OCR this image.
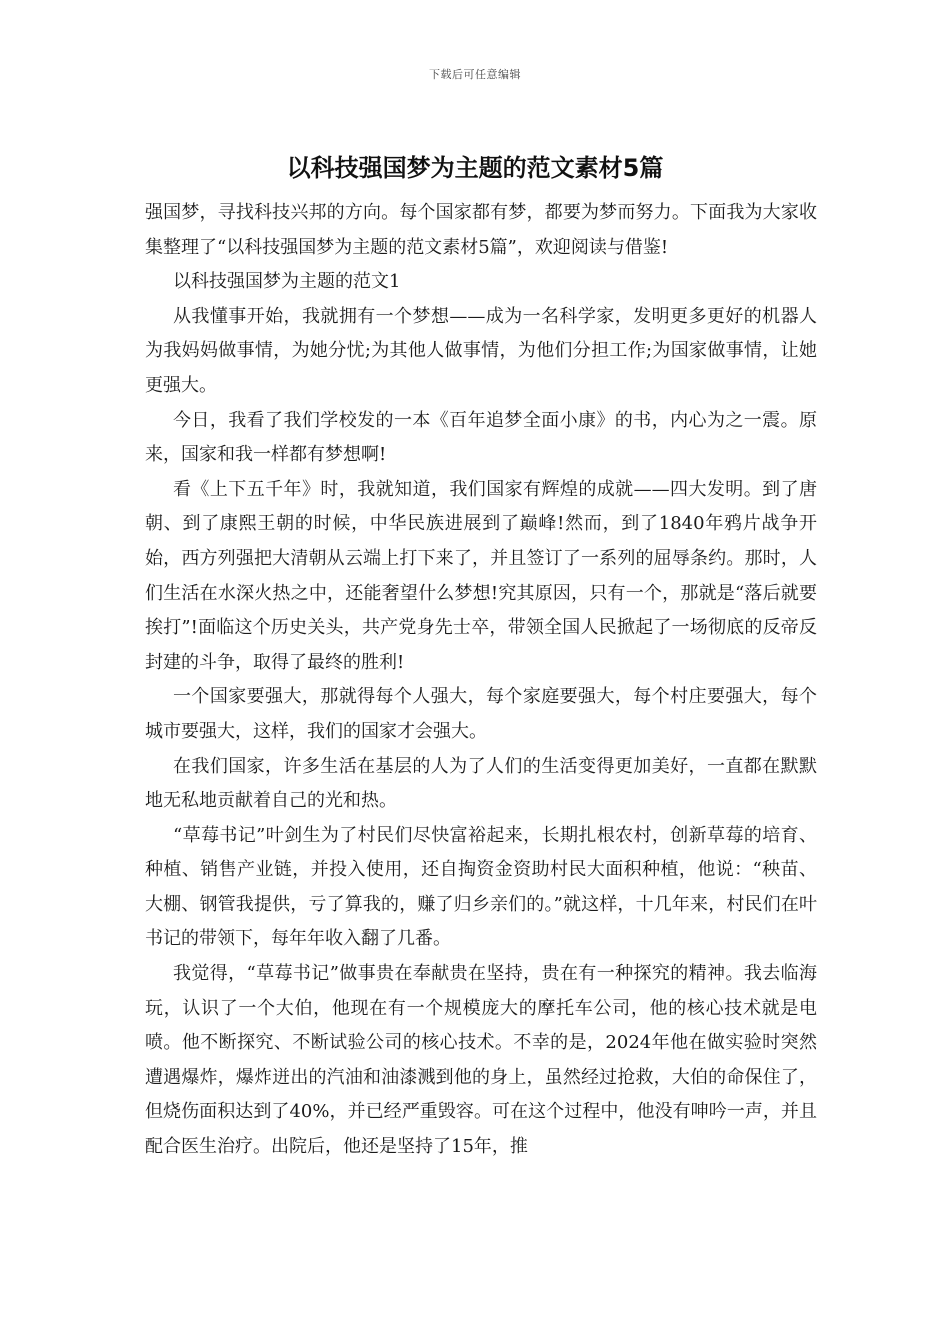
下载后可任意编辑
以科技强国梦为主题的范文素材5篇

强国梦，寻找科技兴邦的方向。每个国家都有梦，都要为梦而努力。下面我为大家收集整理了“以科技强国梦为主题的范文素材5篇”，欢迎阅读与借鉴!

以科技强国梦为主题的范文1

从我懂事开始，我就拥有一个梦想——成为一名科学家，发明更多更好的机器人为我妈妈做事情，为她分忧;为其他人做事情，为他们分担工作;为国家做事情，让她更强大。

今日，我看了我们学校发的一本《百年追梦全面小康》的书，内心为之一震。原来，国家和我一样都有梦想啊!

看《上下五千年》时，我就知道，我们国家有辉煌的成就——四大发明。到了唐朝、到了康熙王朝的时候，中华民族进展到了巅峰!然而，到了1840年鸦片战争开始，西方列强把大清朝从云端上打下来了，并且签订了一系列的屈辱条约。那时，人们生活在水深火热之中，还能奢望什么梦想!究其原因，只有一个，那就是“落后就要挨打”!面临这个历史关头，共产党身先士卒，带领全国人民掀起了一场彻底的反帝反封建的斗争，取得了最终的胜利!

一个国家要强大，那就得每个人强大，每个家庭要强大，每个村庄要强大，每个城市要强大，这样，我们的国家才会强大。

在我们国家，许多生活在基层的人为了人们的生活变得更加美好，一直都在默默地无私地贡献着自己的光和热。

“草莓书记”叶剑生为了村民们尽快富裕起来，长期扎根农村，创新草莓的培育、种植、销售产业链，并投入使用，还自掏资金资助村民大面积种植，他说：“秧苗、大棚、钢管我提供，亏了算我的，赚了归乡亲们的。”就这样，十几年来，村民们在叶书记的带领下，每年年收入翻了几番。

我觉得，“草莓书记”做事贵在奉献贵在坚持，贵在有一种探究的精神。我去临海玩，认识了一个大伯，他现在有一个规模庞大的摩托车公司，他的核心技术就是电喷。他不断探究、不断试验公司的核心技术。不幸的是，2024年他在做实验时突然遭遇爆炸，爆炸迸出的汽油和油漆溅到他的身上，虽然经过抢救，大伯的命保住了，但烧伤面积达到了40%，并已经严重毁容。可在这个过程中，他没有呻吟一声，并且配合医生治疗。出院后，他还是坚持了15年，推
